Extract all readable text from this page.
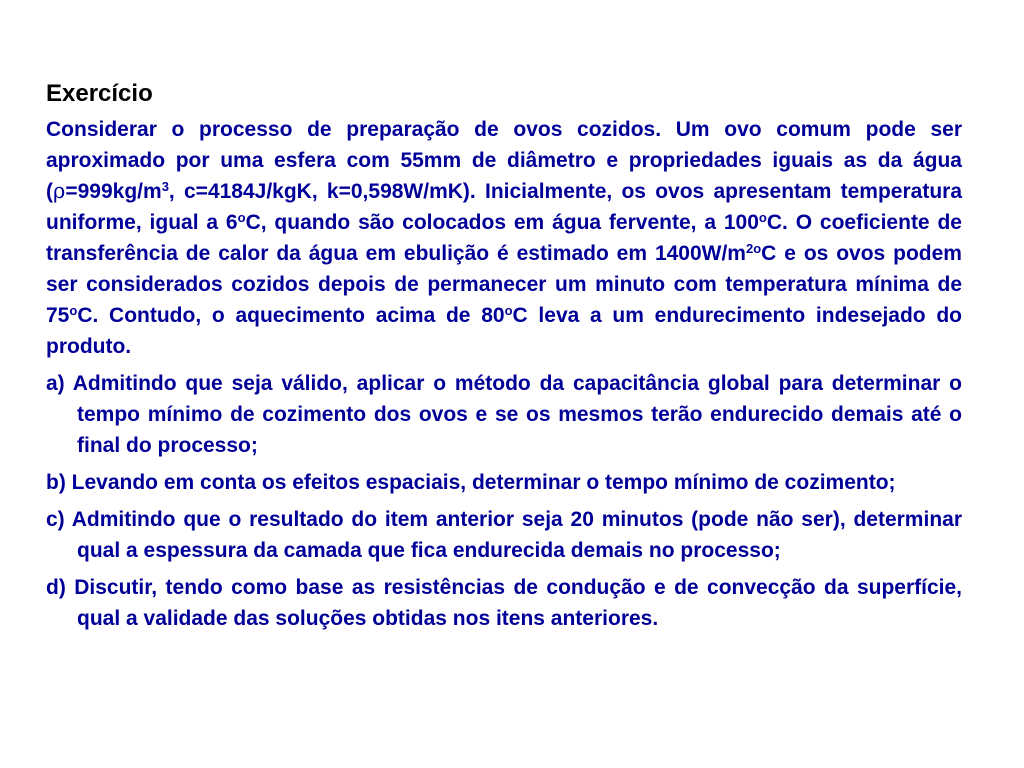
Exercício
Considerar o processo de preparação de ovos cozidos. Um ovo comum pode ser aproximado por uma esfera com 55mm de diâmetro e propriedades iguais as da água ($\rho=999kg/m^3$, c=4184J/kgK, k=0,598W/mK). Inicialmente, os ovos apresentam temperatura uniforme, igual a 6$^o$C, quando são colocados em água fervente, a 100$^o$C. O coeficiente de transferência de calor da água em ebulição é estimado em $1400W/m^{2o}C$ e os ovos podem ser considerados cozidos depois de permanecer um minuto com temperatura mínima de 75$^o$C. Contudo, o aquecimento acima de 80$^o$C leva a um endurecimento indesejado do produto.
a) Admitindo que seja válido, aplicar o método da capacitância global para determinar o tempo mínimo de cozimento dos ovos e se os mesmos terão endurecido demais até o final do processo;
b) Levando em conta os efeitos espaciais, determinar o tempo mínimo de cozimento;
c) Admitindo que o resultado do item anterior seja 20 minutos (pode não ser), determinar qual a espessura da camada que fica endurecida demais no processo;
d) Discutir, tendo como base as resistências de condução e de convecção da superfície, qual a validade das soluções obtidas nos itens anteriores.
